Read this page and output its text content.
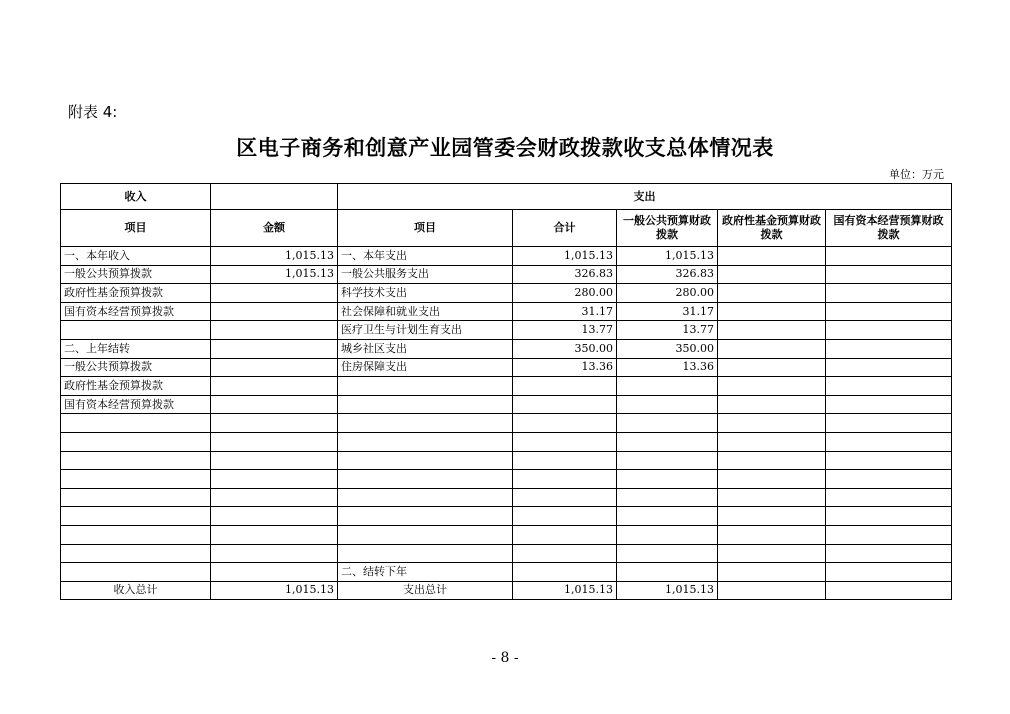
附表 4:
区电子商务和创意产业园管委会财政拨款收支总体情况表
单位：万元
收入		支出				
项目	金额	项目	合计	一般公共预算财政拨款	政府性基金预算财政拨款	国有资本经营预算财政拨款
一、本年收入	1,015.13	一、本年支出	1,015.13	1,015.13		
一般公共预算拨款	1,015.13	一般公共服务支出	326.83	326.83		
政府性基金预算拨款		科学技术支出	280.00	280.00		
国有资本经营预算拨款		社会保障和就业支出	31.17	31.17		
		医疗卫生与计划生育支出	13.77	13.77		
二、上年结转		城乡社区支出	350.00	350.00		
一般公共预算拨款		住房保障支出	13.36	13.36		
政府性基金预算拨款						
国有资本经营预算拨款						

		二、结转下年				
收入总计	1,015.13	支出总计	1,015.13	1,015.13		
- 8 -
